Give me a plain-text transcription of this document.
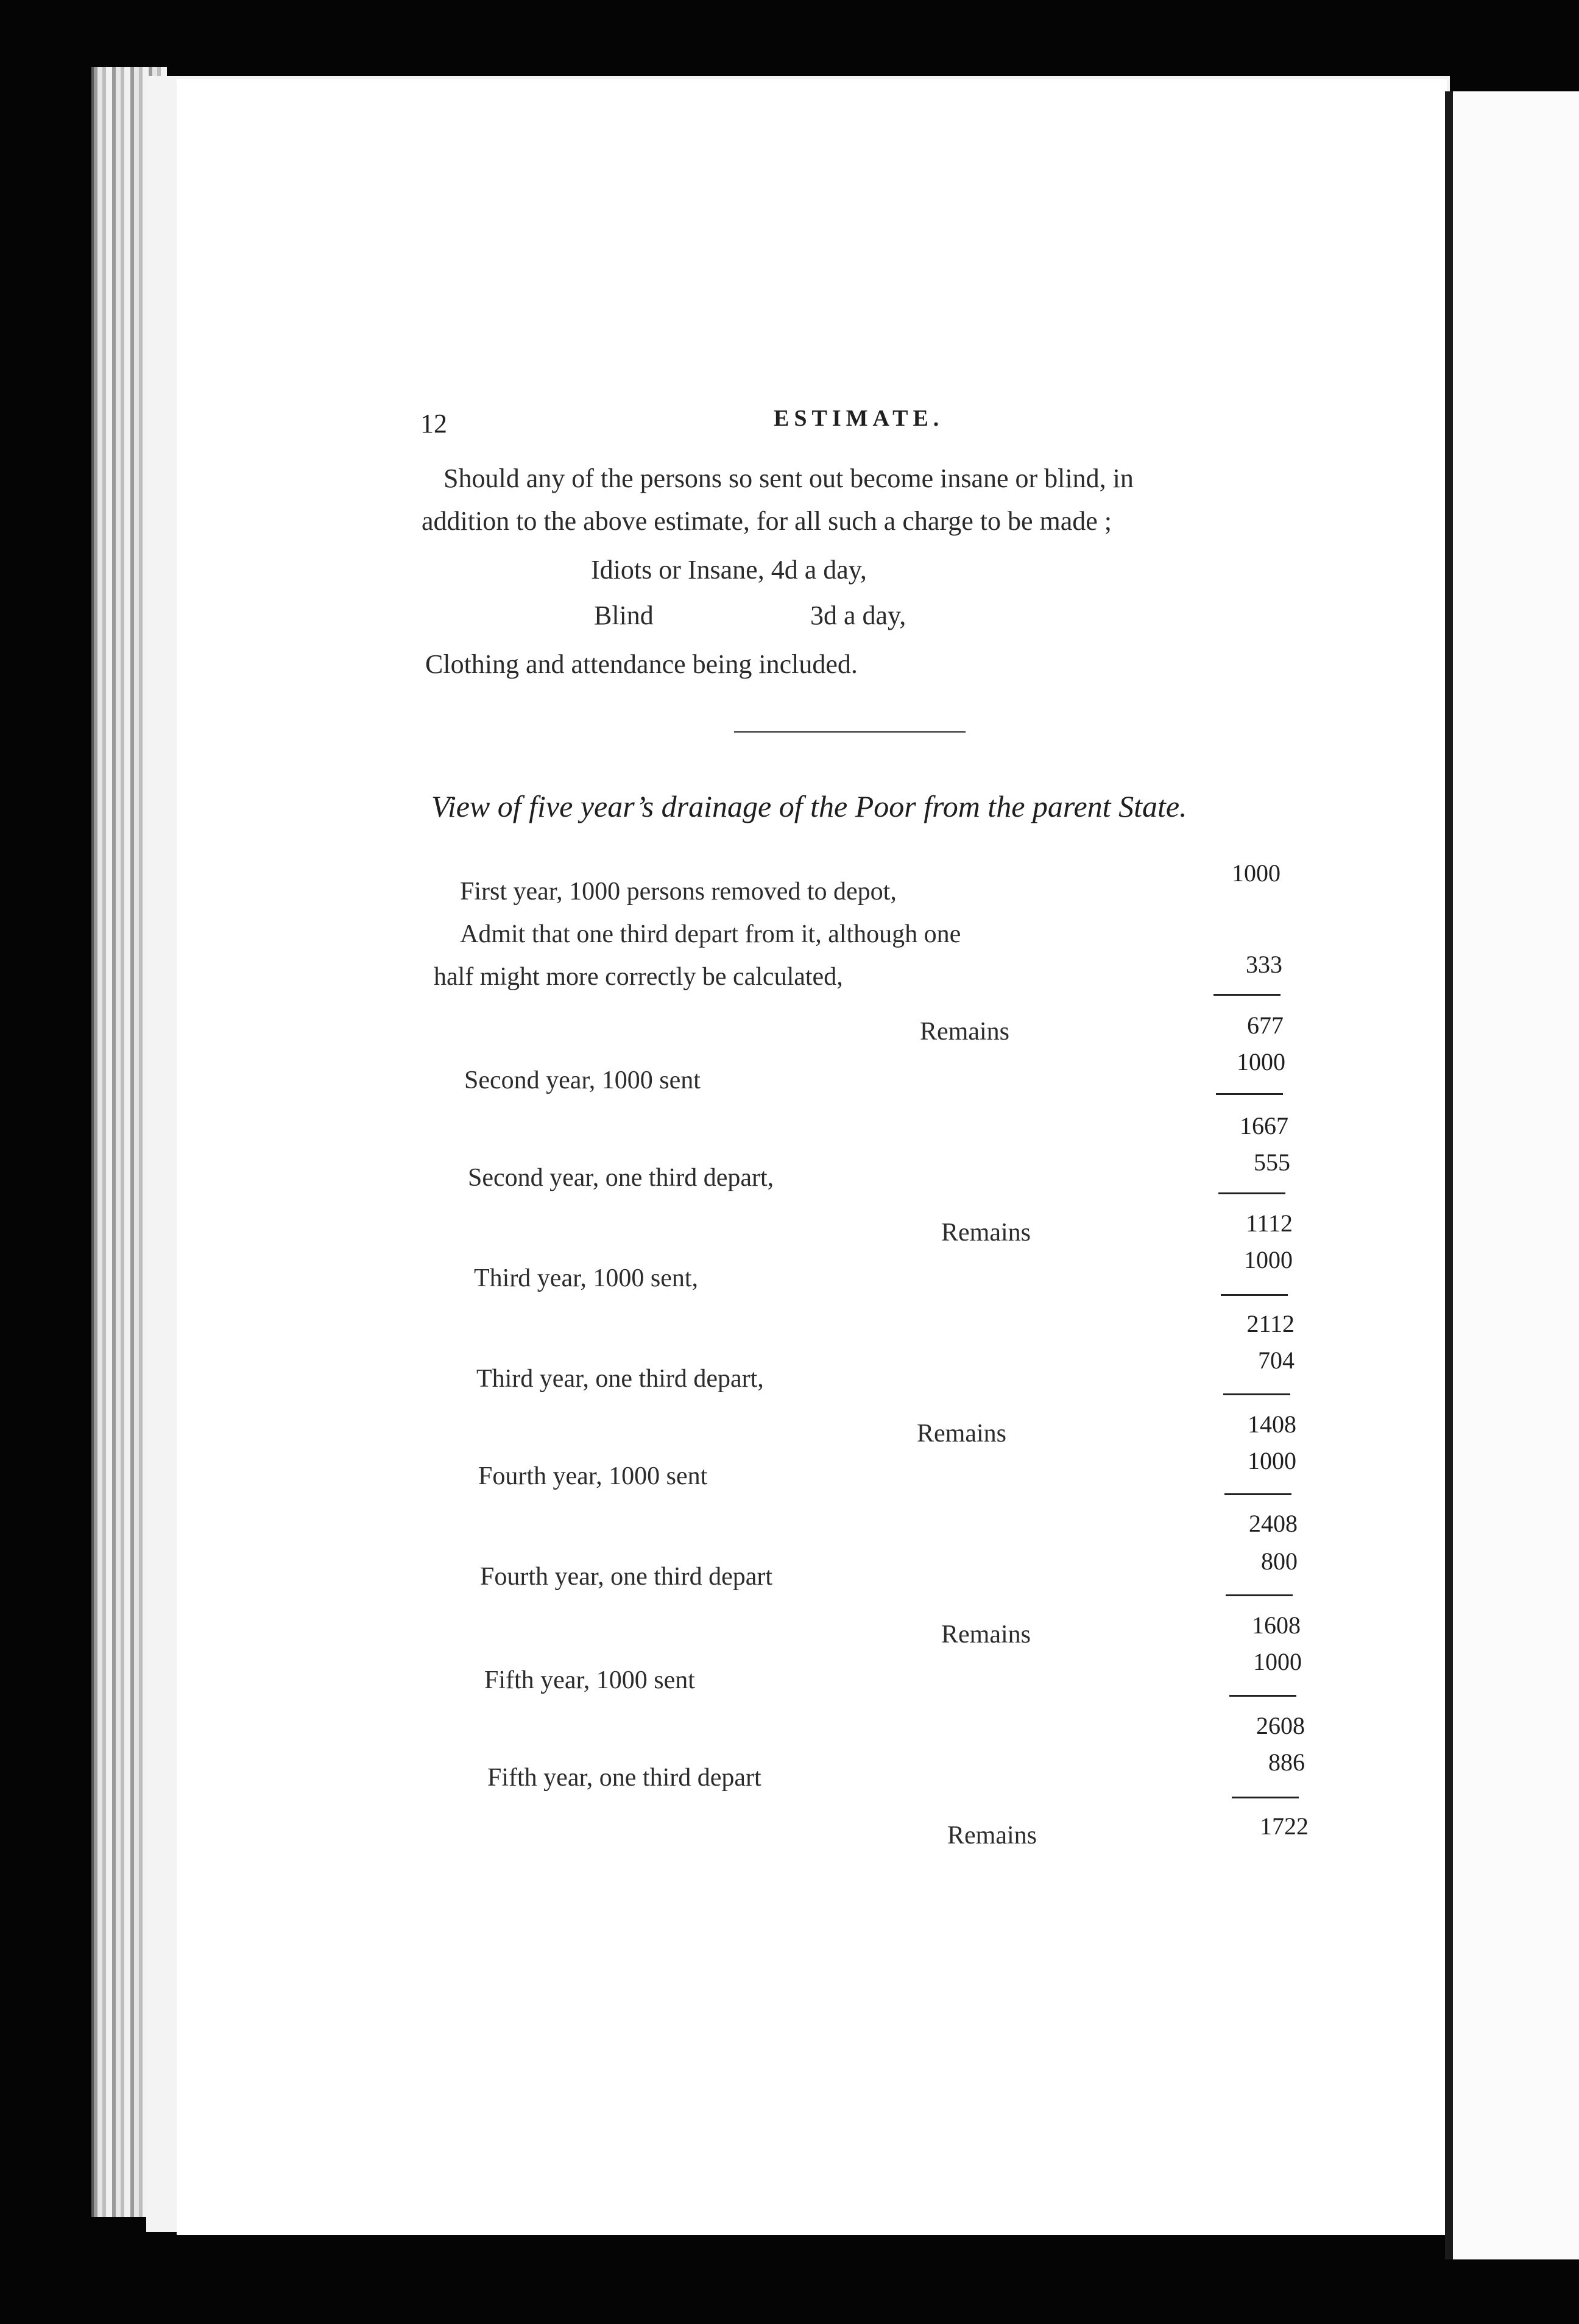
12	ESTIMATE.
Should any of the persons so sent out become insane or blind, in
addition to the above estimate, for all such a charge to be made ;
Idiots or Insane, 4d a day,
Blind	3d a day,
Clothing and attendance being included.
View of five year’s drainage of the Poor from the parent State.
First year, 1000 persons removed to depot,
Admit that one third depart from it, although one
half might more correctly be calculated,
Second year, 1000 sent
Second year, one third depart,
Third year, 1000 sent,
Third year, one third depart,
Fourth year, 1000 sent
Fourth year, one third depart
Fifth year, 1000 sent
Fifth year, one third depart
Remains
Remains
Remains
Remains
Remains
1000
333
677
1000
1667
555
1112
1000
2112
704
1408
1000
2408
800
1608
1000
2608
886
1722
